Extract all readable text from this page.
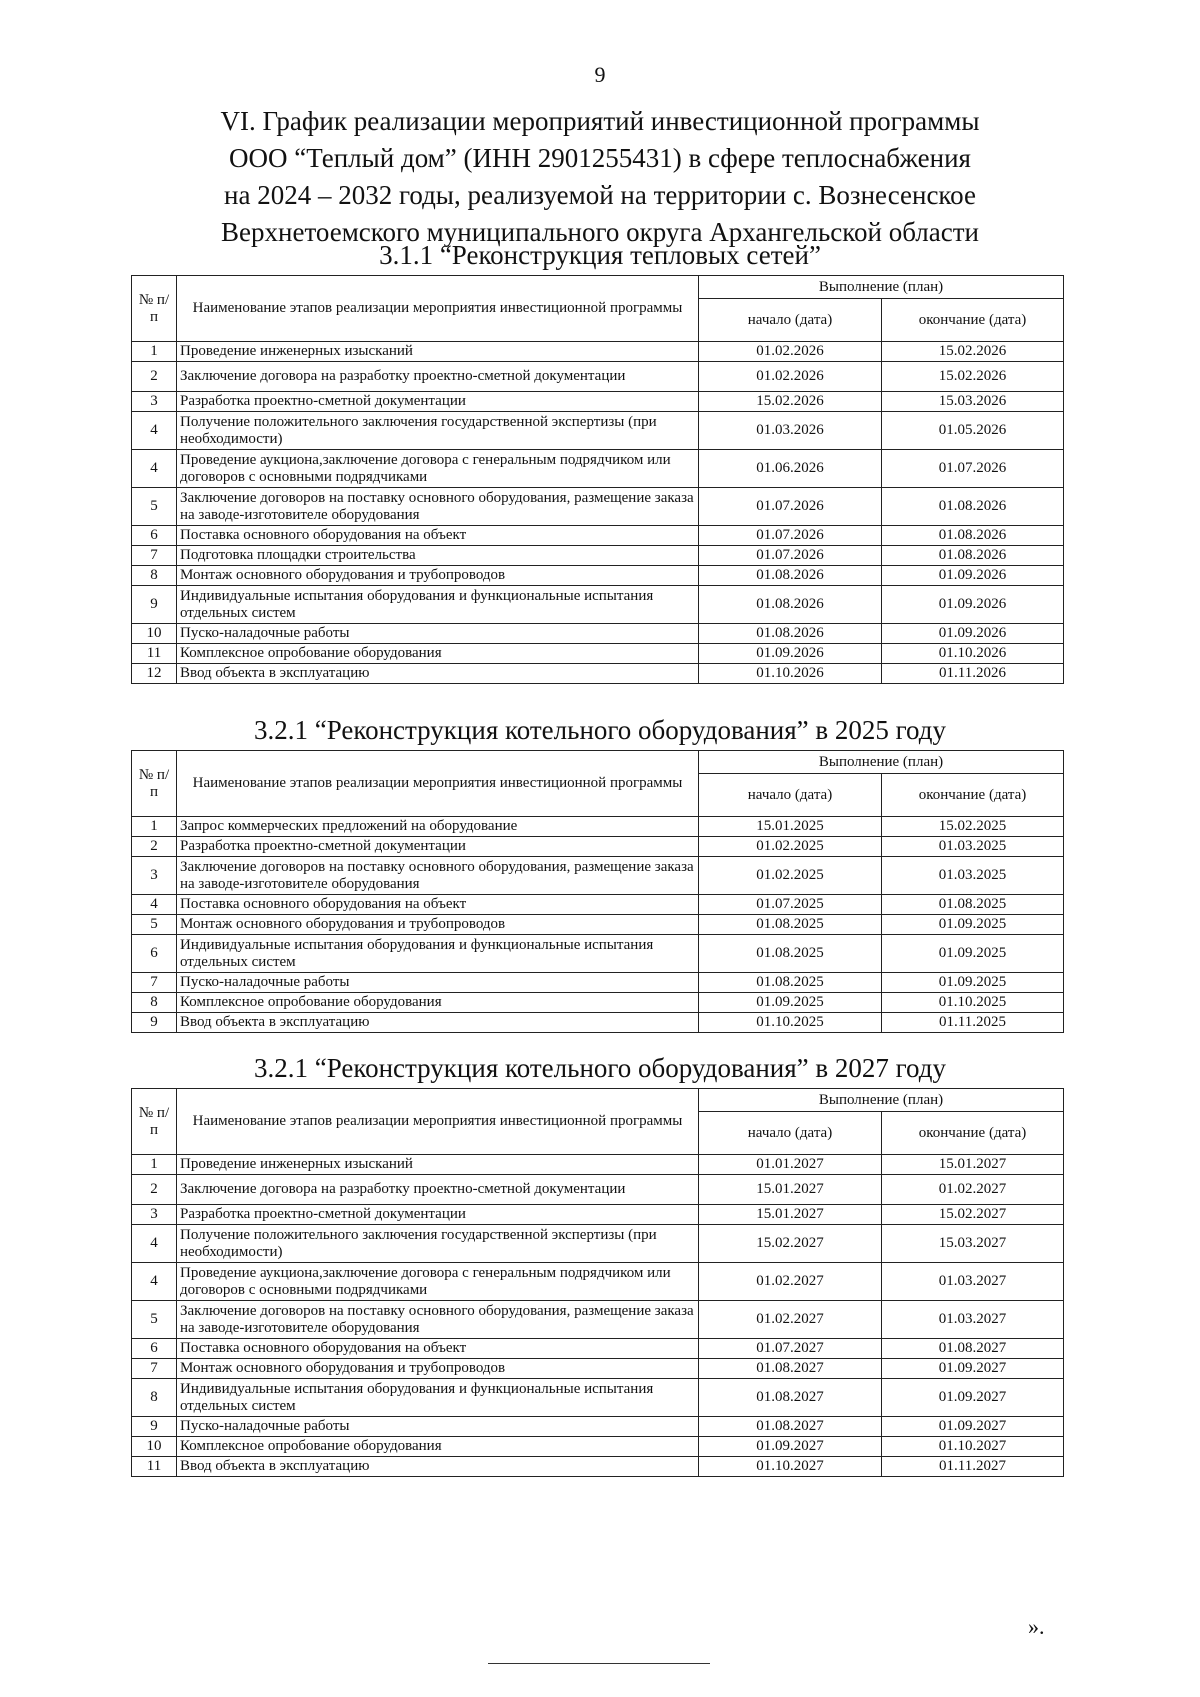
9
VI. График реализации мероприятий инвестиционной программы
ООО “Теплый дом” (ИНН 2901255431) в сфере теплоснабжения
на 2024 – 2032 годы, реализуемой на территории с. Вознесенское
Верхнетоемского муниципального округа Архангельской области
3.1.1 “Реконструкция тепловых сетей”
№ п/п	Наименование этапов реализации мероприятия инвестиционной программы	Выполнение (план)	
		начало (дата)	окончание (дата)
1	Проведение инженерных изысканий	01.02.2026	15.02.2026
2	Заключение договора на разработку проектно-сметной документации	01.02.2026	15.02.2026
3	Разработка проектно-сметной документации	15.02.2026	15.03.2026
4	Получение положительного заключения государственной экспертизы (при необходимости)	01.03.2026	01.05.2026
4	Проведение аукциона,заключение договора с генеральным подрядчиком или договоров с основными подрядчиками	01.06.2026	01.07.2026
5	Заключение договоров на поставку основного оборудования, размещение заказа на заводе-изготовителе оборудования	01.07.2026	01.08.2026
6	Поставка основного оборудования на объект	01.07.2026	01.08.2026
7	Подготовка площадки строительства	01.07.2026	01.08.2026
8	Монтаж основного оборудования и трубопроводов	01.08.2026	01.09.2026
9	Индивидуальные испытания оборудования и функциональные испытания отдельных систем	01.08.2026	01.09.2026
10	Пуско-наладочные работы	01.08.2026	01.09.2026
11	Комплексное опробование оборудования	01.09.2026	01.10.2026
12	Ввод объекта в эксплуатацию	01.10.2026	01.11.2026
3.2.1 “Реконструкция котельного оборудования” в 2025 году
№ п/п	Наименование этапов реализации мероприятия инвестиционной программы	Выполнение (план)	
		начало (дата)	окончание (дата)
1	Запрос коммерческих предложений на оборудование	15.01.2025	15.02.2025
2	Разработка проектно-сметной документации	01.02.2025	01.03.2025
3	Заключение договоров на поставку основного оборудования, размещение заказа на заводе-изготовителе оборудования	01.02.2025	01.03.2025
4	Поставка основного оборудования на объект	01.07.2025	01.08.2025
5	Монтаж основного оборудования и трубопроводов	01.08.2025	01.09.2025
6	Индивидуальные испытания оборудования и функциональные испытания отдельных систем	01.08.2025	01.09.2025
7	Пуско-наладочные работы	01.08.2025	01.09.2025
8	Комплексное опробование оборудования	01.09.2025	01.10.2025
9	Ввод объекта в эксплуатацию	01.10.2025	01.11.2025
3.2.1 “Реконструкция котельного оборудования” в 2027 году
№ п/п	Наименование этапов реализации мероприятия инвестиционной программы	Выполнение (план)	
		начало (дата)	окончание (дата)
1	Проведение инженерных изысканий	01.01.2027	15.01.2027
2	Заключение договора на разработку проектно-сметной документации	15.01.2027	01.02.2027
3	Разработка проектно-сметной документации	15.01.2027	15.02.2027
4	Получение положительного заключения государственной экспертизы (при необходимости)	15.02.2027	15.03.2027
4	Проведение аукциона,заключение договора с генеральным подрядчиком или договоров с основными подрядчиками	01.02.2027	01.03.2027
5	Заключение договоров на поставку основного оборудования, размещение заказа на заводе-изготовителе оборудования	01.02.2027	01.03.2027
6	Поставка основного оборудования на объект	01.07.2027	01.08.2027
7	Монтаж основного оборудования и трубопроводов	01.08.2027	01.09.2027
8	Индивидуальные испытания оборудования и функциональные испытания отдельных систем	01.08.2027	01.09.2027
9	Пуско-наладочные работы	01.08.2027	01.09.2027
10	Комплексное опробование оборудования	01.09.2027	01.10.2027
11	Ввод объекта в эксплуатацию	01.10.2027	01.11.2027
».
